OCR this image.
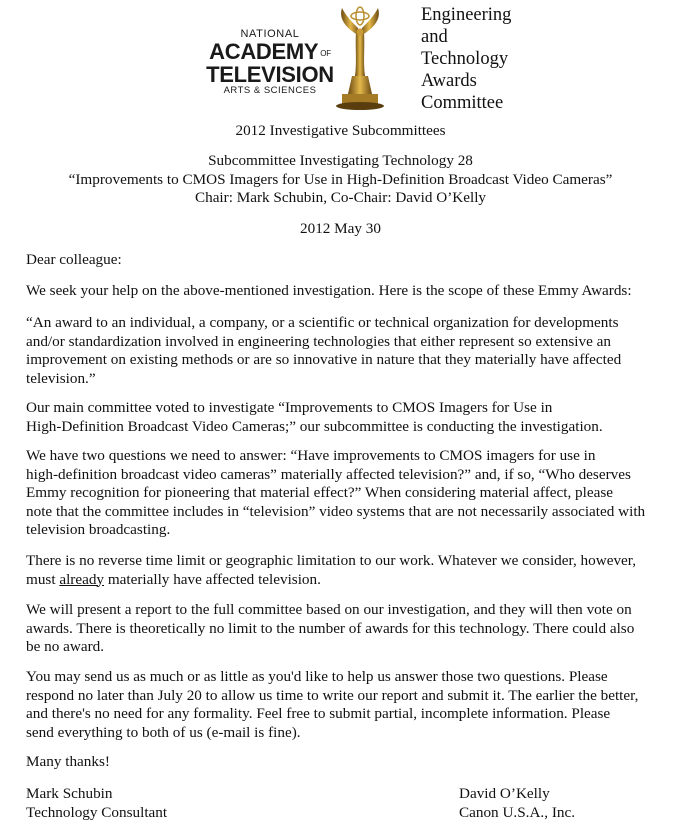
NATIONAL
ACADEMY OF
TELEVISION
ARTS & SCIENCES
Engineering
and
Technology
Awards
Committee
2012 Investigative Subcommittees
Subcommittee Investigating Technology 28
“Improvements to CMOS Imagers for Use in High-Definition Broadcast Video Cameras”
Chair: Mark Schubin, Co-Chair: David O’Kelly
2012 May 30
Dear colleague:
We seek your help on the above-mentioned investigation. Here is the scope of these Emmy Awards:
“An award to an individual, a company, or a scientific or technical organization for developments
and/or standardization involved in engineering technologies that either represent so extensive an
improvement on existing methods or are so innovative in nature that they materially have affected
television.”
Our main committee voted to investigate “Improvements to CMOS Imagers for Use in
High-Definition Broadcast Video Cameras;” our subcommittee is conducting the investigation.
We have two questions we need to answer: “Have improvements to CMOS imagers for use in
high-definition broadcast video cameras” materially affected television?” and, if so, “Who deserves
Emmy recognition for pioneering that material effect?” When considering material affect, please
note that the committee includes in “television” video systems that are not necessarily associated with
television broadcasting.
There is no reverse time limit or geographic limitation to our work. Whatever we consider, however,
must already materially have affected television.
We will present a report to the full committee based on our investigation, and they will then vote on
awards. There is theoretically no limit to the number of awards for this technology. There could also
be no award.
You may send us as much or as little as you'd like to help us answer those two questions. Please
respond no later than July 20 to allow us time to write our report and submit it. The earlier the better,
and there's no need for any formality. Feel free to submit partial, incomplete information. Please
send everything to both of us (e-mail is fine).
Many thanks!
Mark Schubin
Technology Consultant
David O’Kelly
Canon U.S.A., Inc.
